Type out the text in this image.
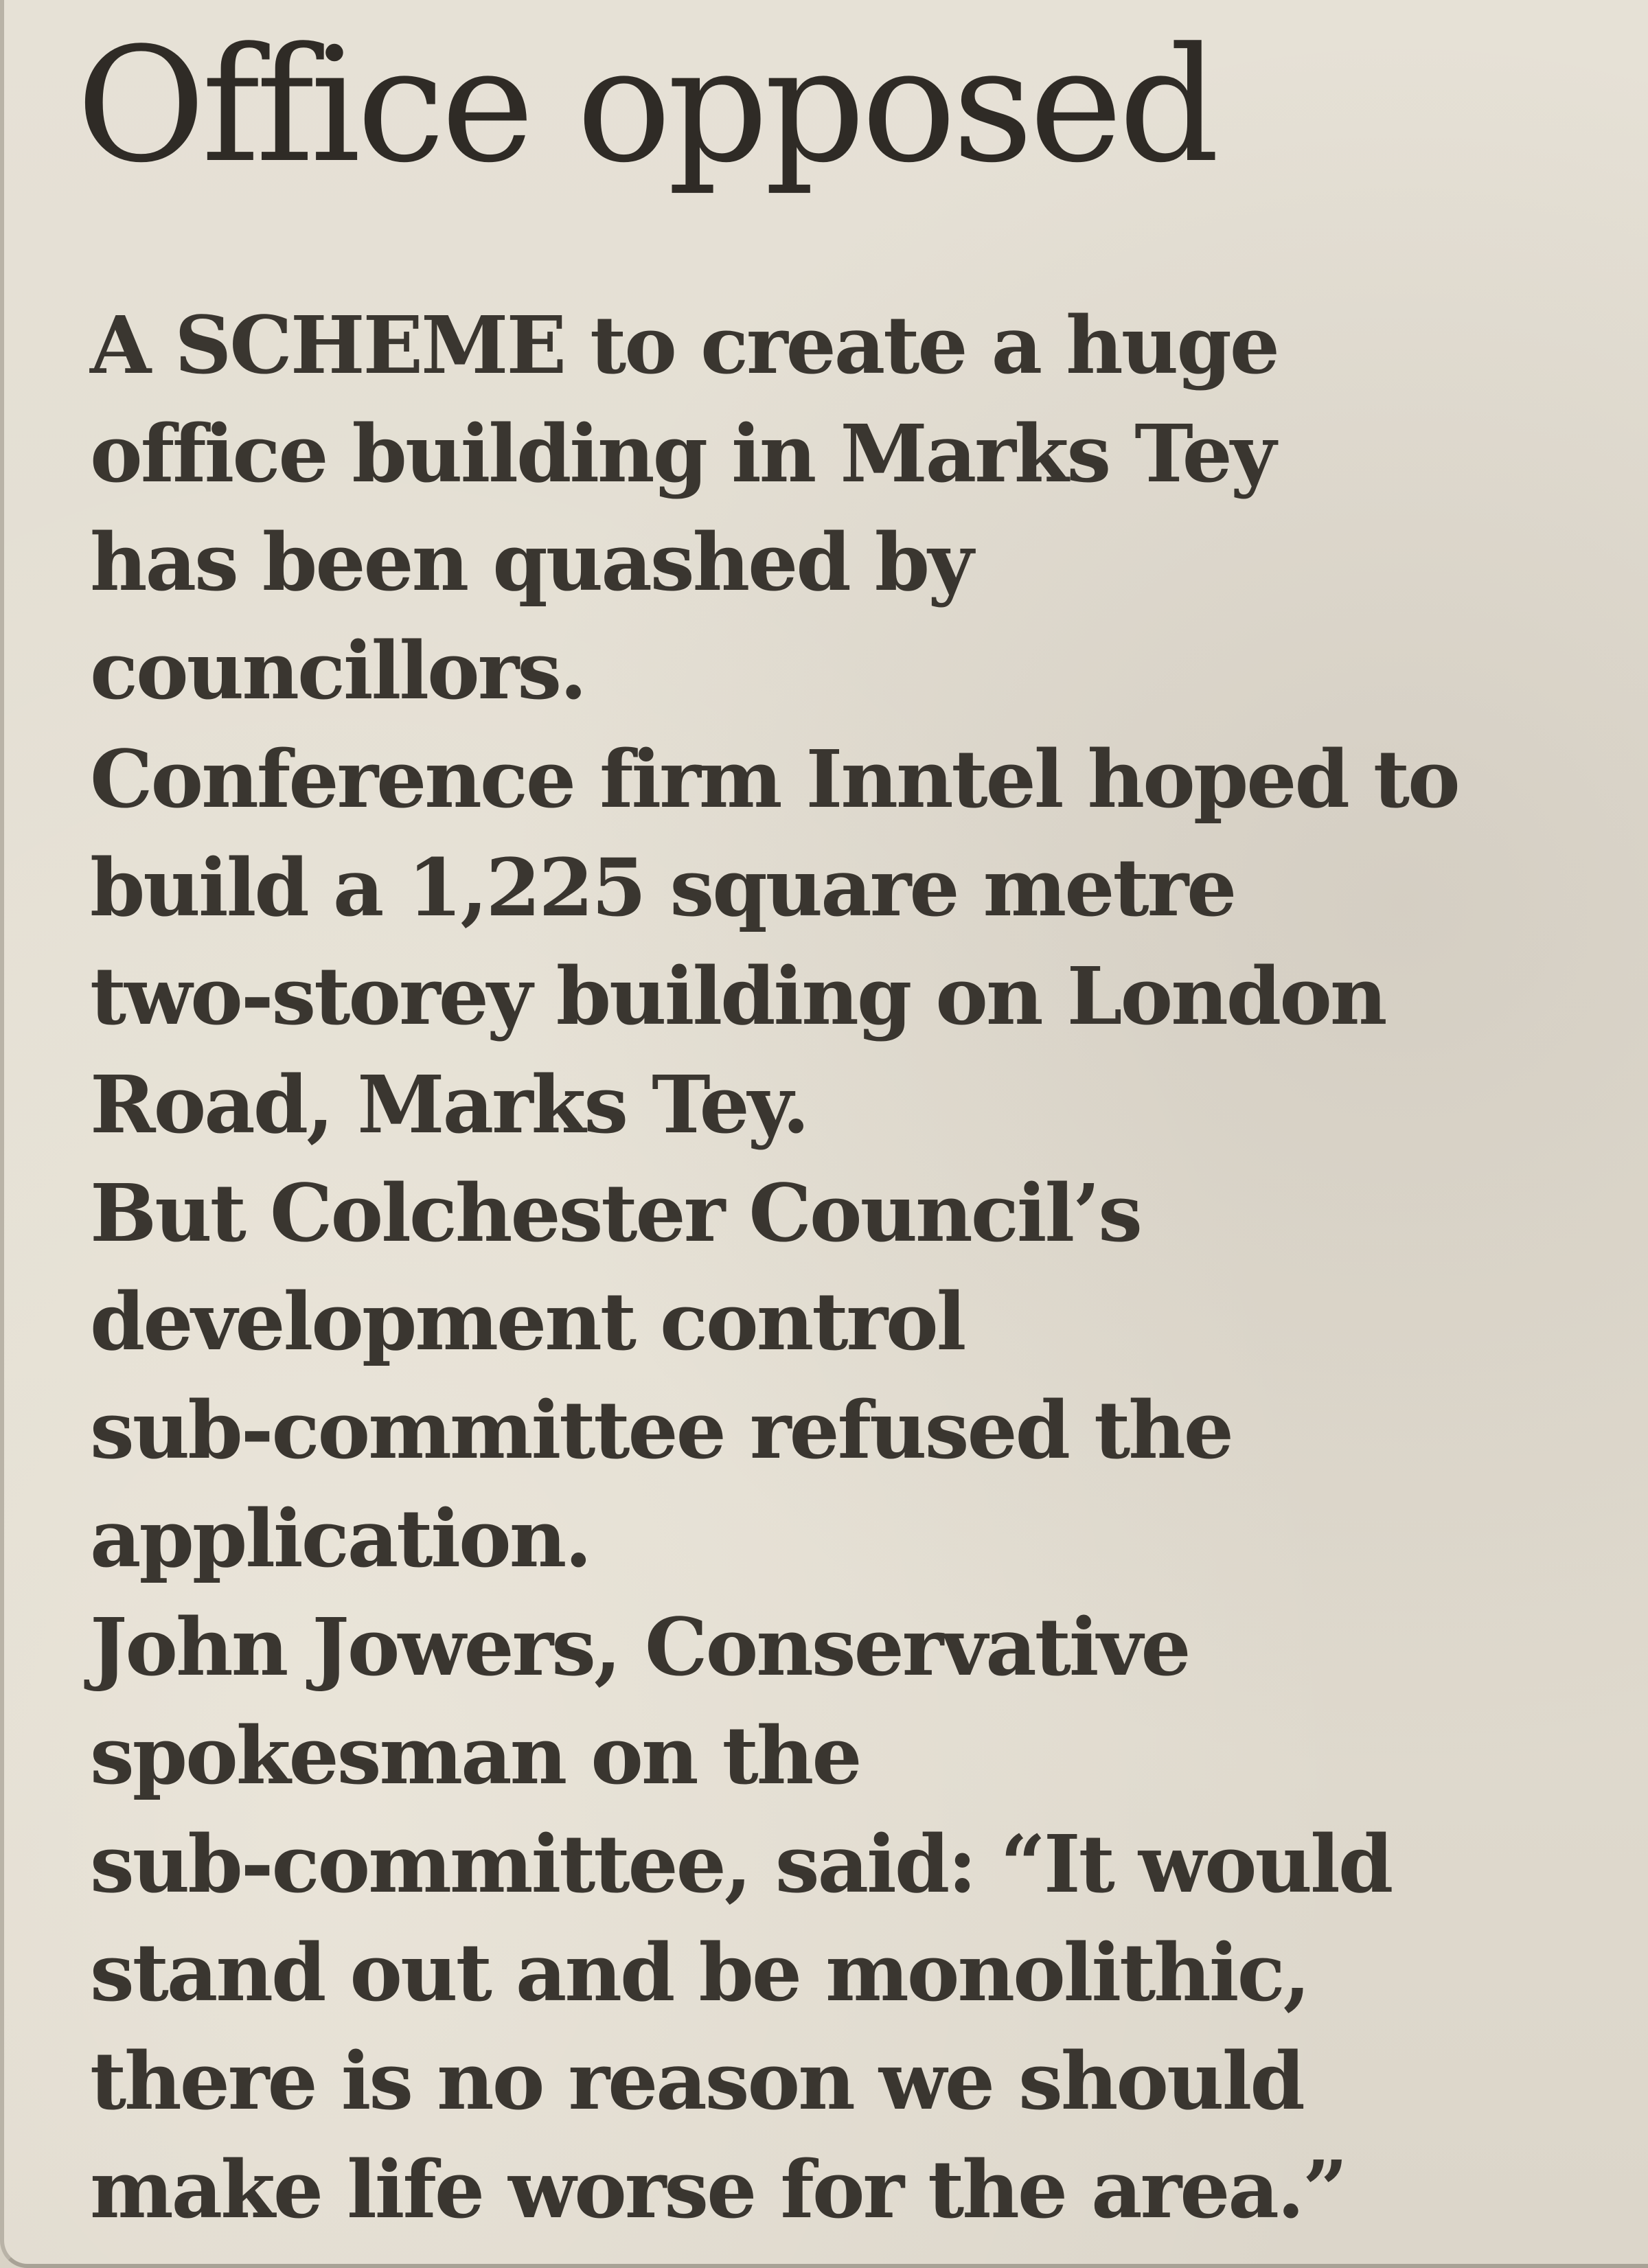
Office opposed
A SCHEME to create a huge
office building in Marks Tey
has been quashed by
councillors.
Conference firm Inntel hoped to
build a 1,225 square metre
two-storey building on London
Road, Marks Tey.
But Colchester Council’s
development control
sub-committee refused the
application.
John Jowers, Conservative
spokesman on the
sub-committee, said: “It would
stand out and be monolithic,
there is no reason we should
make life worse for the area.”
